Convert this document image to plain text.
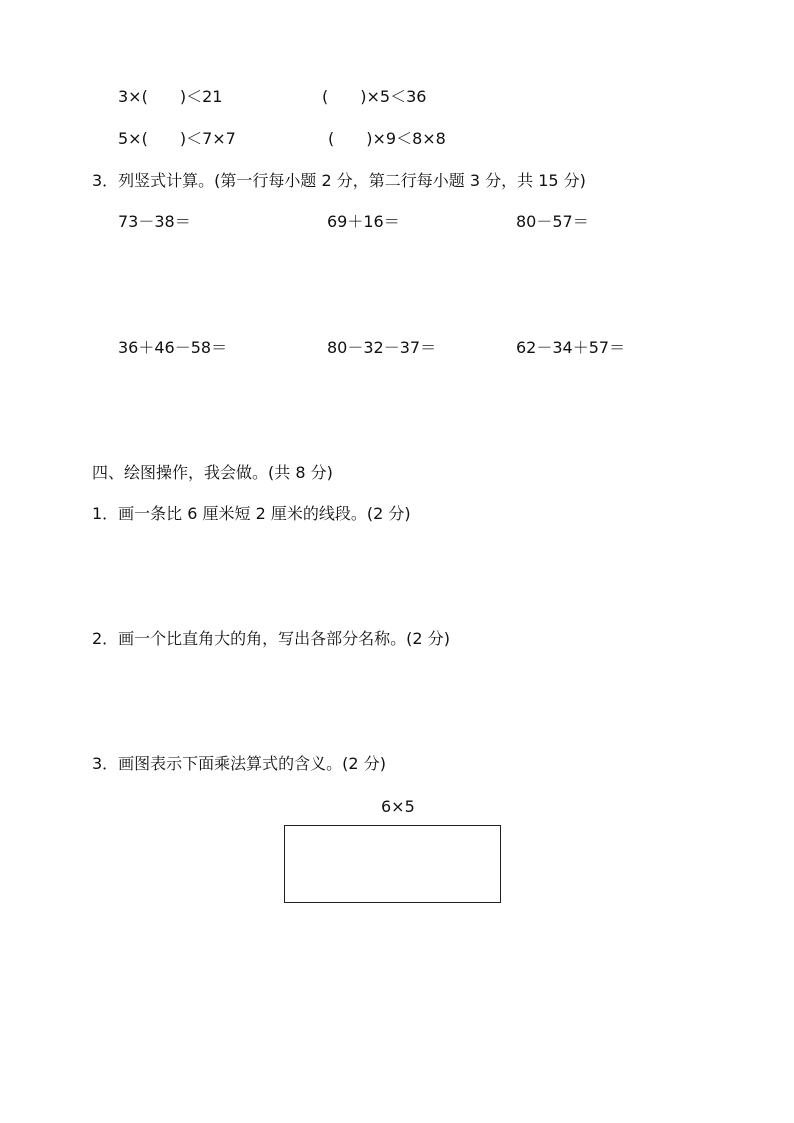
3×(  )＜21	(  )×5＜36
5×(  )＜7×7	(  )×9＜8×8
3．列竖式计算。(第一行每小题 2 分，第二行每小题 3 分，共 15 分)
73－38＝	69＋16＝	80－57＝
36＋46－58＝	80－32－37＝	62－34＋57＝
四、绘图操作，我会做。(共 8 分)
1．画一条比 6 厘米短 2 厘米的线段。(2 分)
2．画一个比直角大的角，写出各部分名称。(2 分)
3．画图表示下面乘法算式的含义。(2 分)
6×5
